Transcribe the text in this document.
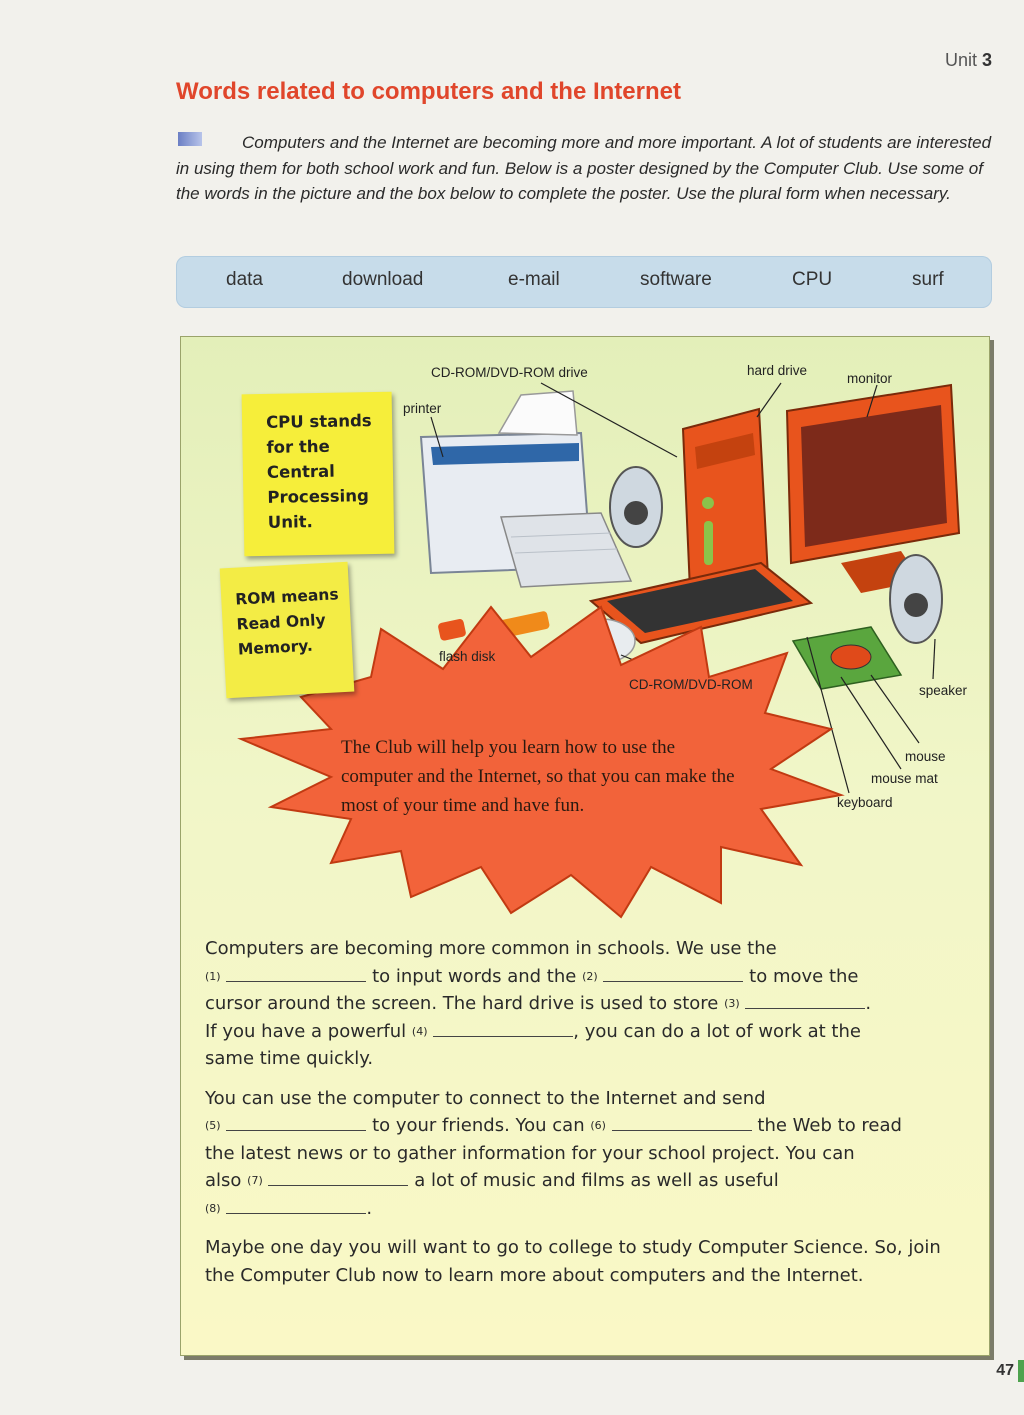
Unit 3
Words related to computers and the Internet
Computers and the Internet are becoming more and more important. A lot of students are interested in using them for both school work and fun. Below is a poster designed by the Computer Club. Use some of the words in the picture and the box below to complete the poster. Use the plural form when necessary.
data	download	e-mail	software	CPU	surf
CPU stands
for the
Central
Processing
Unit.
ROM means
Read Only
Memory.
CD-ROM/DVD-ROM drive	hard drive
monitor
printer
flash disk
CD-ROM/DVD-ROM	speaker
mouse
mouse mat
keyboard
The Club will help you learn how to use the computer and the Internet, so that you can make the most of your time and have fun.
Computers are becoming more common in schools. We use the
$^{(1)}$	to input words and the $^{(2)}$	to move the
cursor around the screen. The hard drive is used to store $^{(3)}$	.
If you have a powerful $^{(4)}$	, you can do a lot of work at the
same time quickly.
You can use the computer to connect to the Internet and send
$^{(5)}$	to your friends. You can $^{(6)}$	the Web to read
the latest news or to gather information for your school project. You can
also $^{(7)}$	a lot of music and films as well as useful
$^{(8)}$	.
Maybe one day you will want to go to college to study Computer Science. So, join the Computer Club now to learn more about computers and the Internet.
47
